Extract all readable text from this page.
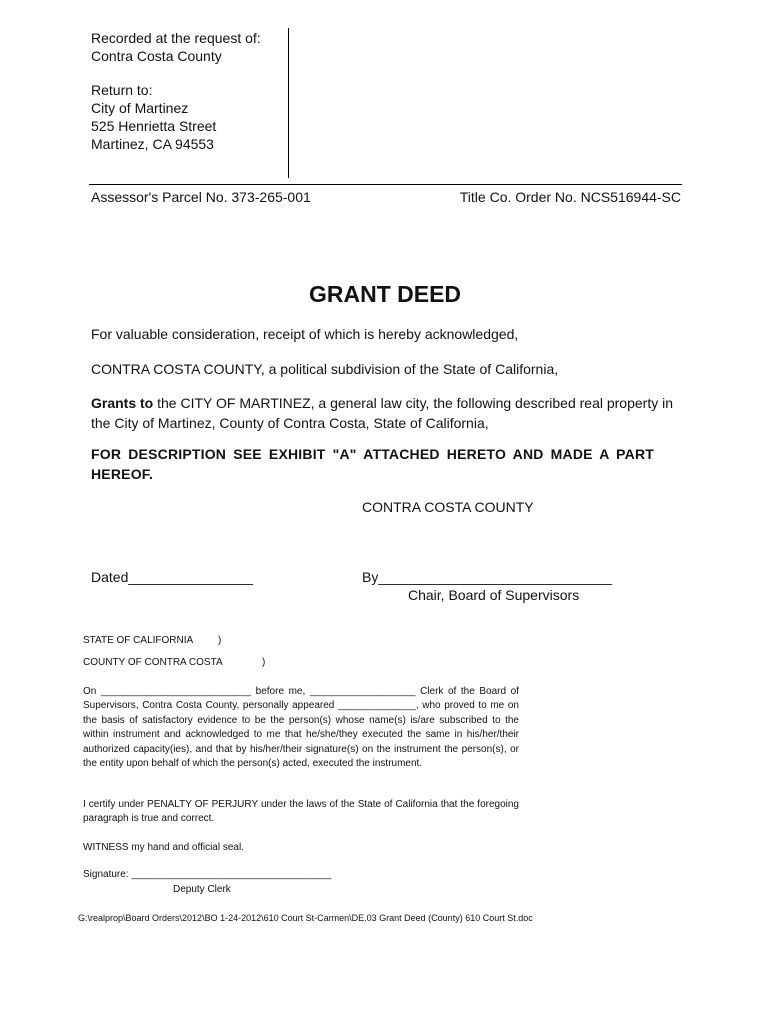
Recorded at the request of:
Contra Costa County
Return to:
City of Martinez
525 Henrietta Street
Martinez, CA 94553
Assessor's Parcel No. 373-265-001	Title Co. Order No. NCS516944-SC
GRANT DEED
For valuable consideration, receipt of which is hereby acknowledged,
CONTRA COSTA COUNTY, a political subdivision of the State of California,
Grants to the CITY OF MARTINEZ, a general law city, the following described real property in the City of Martinez, County of Contra Costa, State of California,
FOR DESCRIPTION SEE EXHIBIT "A" ATTACHED HERETO AND MADE A PART HEREOF.
CONTRA COSTA COUNTY
Dated________________	By______________________________
Chair, Board of Supervisors
STATE OF CALIFORNIA )
COUNTY OF CONTRA COSTA	)
On ___________________________ before me, ___________________ Clerk of the Board of Supervisors, Contra Costa County, personally appeared ______________, who proved to me on the basis of satisfactory evidence to be the person(s) whose name(s) is/are subscribed to the within instrument and acknowledged to me that he/she/they executed the same in his/her/their authorized capacity(ies), and that by his/her/their signature(s) on the instrument the person(s), or the entity upon behalf of which the person(s) acted, executed the instrument.
I certify under PENALTY OF PERJURY under the laws of the State of California that the foregoing paragraph is true and correct.
WITNESS my hand and official seal.
Signature: ____________________________________
Deputy Clerk
G:\realprop\Board Orders\2012\BO 1-24-2012\610 Court St-Carmen\DE.03 Grant Deed (County) 610 Court St.doc
